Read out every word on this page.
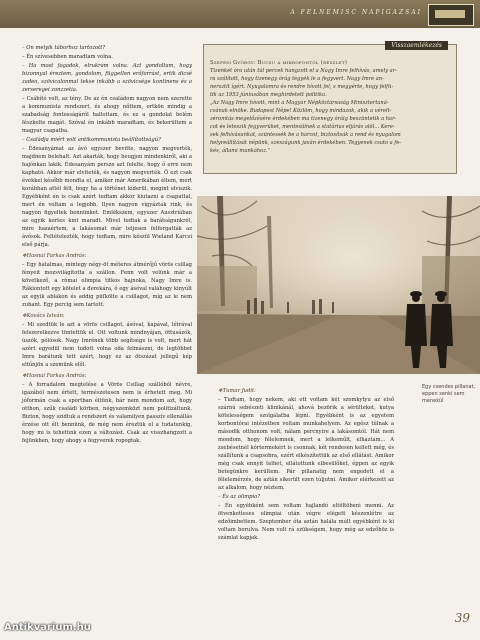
A FELNEMISC NAPIGAZSAI

– On melyik táborhoz tartozott?

– Én szívesebben maradtam volna.

– Ha most fogadok, elrukram volna. Azt gondoltam, hogy bizonnyal éreztem, gondolom, független erőforrást, ertik dicsé zadeo, szövicalonmal tekse inkább a szövicsége kontinens és a zerseregei zonzzetia.

– Csábító volt, az tény. De az én családom nagyon nem szerette a kommunista rendszert, és ahogy nőttem, ortkön mindig a szabadság fontosságáról hallottam, és ez a gondolat belém fészkelte magát. Szóval én inkább maradtam, és bekerültem a magyar csapatba.

– Családja miért volt antikommunista beállítottságú?

– Édesanyámat az ávó egyszer bevitte, nagyon megverték, majdnem belehalt. Azt akarták, hogy beugjon mindenkiről, aki a hajónkan lakik. Édesanyám persze azt felelte, hogy ő erre nem kapható. Akkor már elviteték, és nagyon megverték. Ő ezt csak évekkel később mondta el, amikor már Amerikában éltem, mert korábban attól félt, hogy ha a történet kiderül, megint elviszik. Egyébként én is csak azért tudtam akkor kiutazni a csapattal, mert én voltam a legjobb. Ilyen nagyon vigyáztak rink, és nagyon figyeltek bennünket. Emlékszem, egyszer Ausztriában az egyik kertes kint maradt. Mivel tudtak a barátságunkról, mire hazaértem, a lakásomat már teljesen felforgatták az ávósok. Feltételezték, hogy tudtam, mire készül Wieland Karcsi első párja.

❖ Hasnai Farkas András:

– Egy hatalmas, mintegy négy-öt méteres átmérőjű vörös csillag fényeit mozsvilágította a szállon. Fenn volt velünk már a következő, a római olimpia titkos bajnoka, Nagy Imre is. Rákiontott egy kötelet a derekára, ő egy ásóval valahogy kinyúlt az egyik ablakon és addig püfkölte a csillagot, míg az le nem zuhant. Egy percig sem tartott.

❖ Kovács István:

– Mi szedtük le azt a vörös csillagot, ásóval, kapával, létrával felszerelkezve tüntettük el. Ott voltunk mindnyájan, öttusázók, úszók, pólósok. Nagy Imrének több segítsége is volt, mert hát azért egyedül nem tudott volna oda felmászni, de legtöbbet Imre barátunk tett azért, hogy ez az ötszázat jellegű kép eltűnjön a szemünk elől.

❖ Hasnai Farkas András:

– A forradalom megtelése a Vörös Csillag szállóból névre, igazából nem értett, természetesen nem is érhetett meg. Mi jóformán csak a sportban éltünk, bár nem mondom azt, hogy otthon, szűk családi körben, négyszemközt nem politizáltunk. Bizton, hogy szidtuk a rendszert és valamilyen passzív ellenállás érzése ott élt bennünk, de még nem éreztük el a tudatunkig, hogy mi is tehetünk ezen a változást. Csak az visszhangzott a fejünkben, hogy ahogy a fegyverek ropogtak.

Visszaemlékezés

Szepesi György: Bucsu a mikrofontól (részlet)

Tizenkét óra után túl percek hangzott el a Nagy Imre felhívás, amely ar-

ra szólított, hogy tizenegy órág tegyék le a fegyvert. Nagy Imre an-

nersztit ígért. Nyugalomra és rendre hívott fel, s meggérte, hogy felfü-

tik az 1953 júniusában meghirdetett politika.

„Az Nagy Imre hívott, mint a Magyar Népköztársaság Minisztertaná-

csának elnöke. Budapest Népe! Közlöm, hogy mindazok, akik a vérelt-

zéromtás megelőzésére érdekében ma tizenegy óráig beszüntetik a har-

cot és leteszik fegyverüket, mentesülnek a statárius eljárás alól... Kere-

sek felhívásunkat, szüntessék be a harcot, biztosítsák a rend és nyugalom

helyreállítását népünk, szeszágunk javán érdekében. Tegyenek csato a fe-

kés, állami munkához.”

❖ Tumar Judit:

– Tudtam, hogy nekem, aki ott voltam két szomkytyu az első szárnú sebészeti klinikánál, ahová bezörik a sérülteket, kutya kötelességem szolgálatba lépni. Egyébként is az egyetem korbontórai intézetben voltam munkahelyem. Az egész túlnak a második otthonom volt, nálam percnyire a lakásomtól. Hát nem mondom, hogy félelemnek, mert a lelkeműlt, elhaztam... A zsebésetnél kórtermekért is csonnak, két rendesen kellett még, és szállítunk a csapsobra, ezért elkészítettük az első ellátást. Amikor még csak ennyit telhet, ellátottunk elbesülőket, éppen az egyik betegünkre kerültem. Pár pillanatig nem engedett el a félelemérzés, de aztán sikerült ezen túljutni. Amikor elérkezett az az alkalom, hogy néztem.

– És az olimpia?

– Én egyébként sem voltam hajlandó eltöltöbeni menni. Az ötvenketteses olimpiai után végre elégett készenlétre az edzőimbettem. Szeptember óta aztán halála múlt egyébként is ki voltam borulva. Nem volt rá szükségem, hogy még az edzőhöz is számlat kapjak.

Egy csendes pillanat, eppen senki sem menekül
39
Antikvarium.hu
